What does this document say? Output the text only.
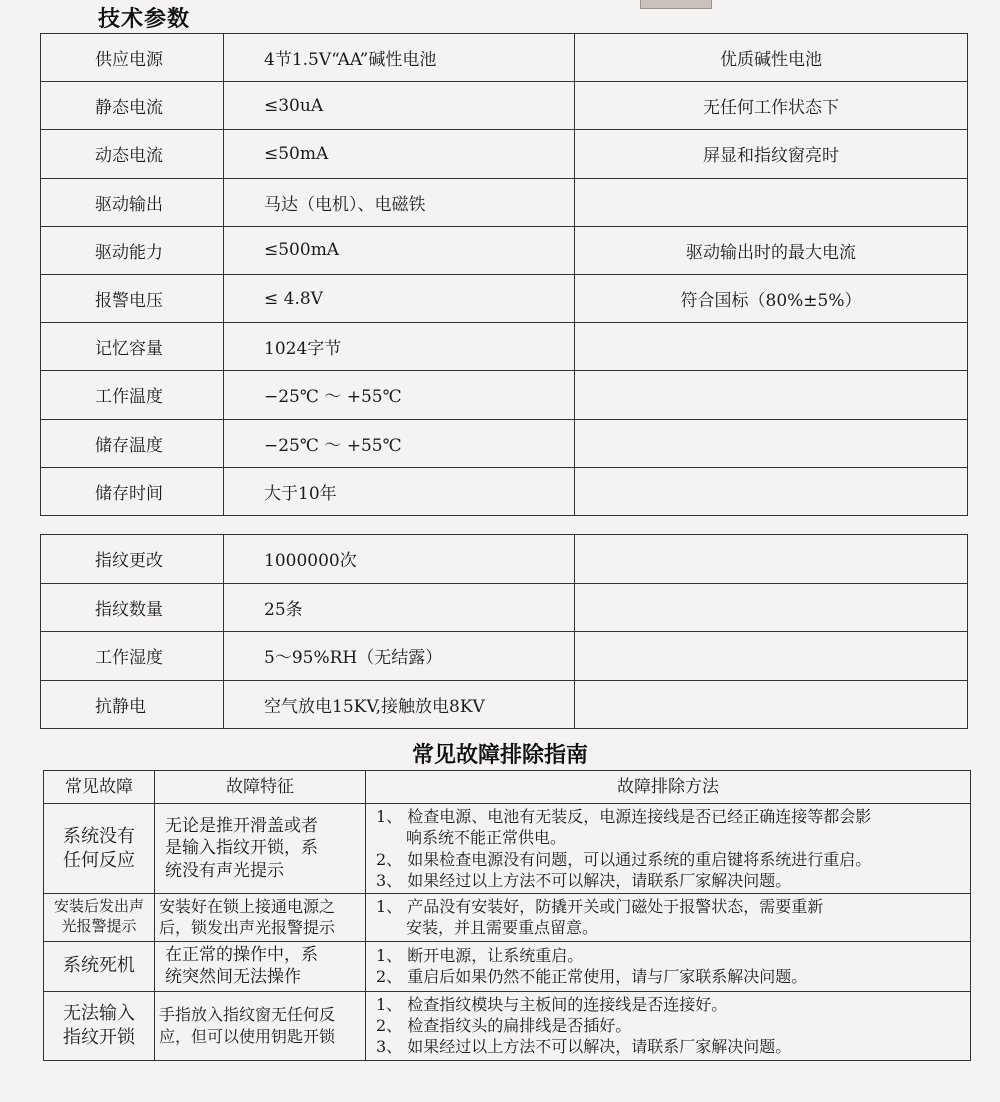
技术参数
供应电源	4节1.5V“AA”碱性电池	优质碱性电池
静态电流	≤30uA	无任何工作状态下
动态电流	≤50mA	屏显和指纹窗亮时
驱动输出	马达（电机）、电磁铁	
驱动能力	≤500mA	驱动输出时的最大电流
报警电压	≤ 4.8V	符合国标（80%±5%）
记忆容量	1024字节	
工作温度	−25℃ ～ +55℃	
储存温度	−25℃ ～ +55℃	
储存时间	大于10年	
指纹更改	1000000次	
指纹数量	25条	
工作湿度	5～95%RH（无结露）	
抗静电	空气放电15KV,接触放电8KV	
常见故障排除指南
常见故障	故障特征	故障排除方法

系统没有
任何反应	无论是推开滑盖或者
是输入指纹开锁，系
统没有声光提示	1、 检查电源、电池有无装反，电源连接线是否已经正确连接等都会影
响系统不能正常供电。
2、 如果检查电源没有问题，可以通过系统的重启键将系统进行重启。
3、 如果经过以上方法不可以解决，请联系厂家解决问题。

安装后发出声
光报警提示	安装好在锁上接通电源之
后，锁发出声光报警提示	1、 产品没有安装好，防撬开关或门磁处于报警状态，需要重新
安装，并且需要重点留意。

系统死机	在正常的操作中，系
统突然间无法操作	1、 断开电源，让系统重启。
2、 重启后如果仍然不能正常使用，请与厂家联系解决问题。

无法输入
指纹开锁	手指放入指纹窗无任何反
应，但可以使用钥匙开锁	1、 检查指纹模块与主板间的连接线是否连接好。
2、 检查指纹头的扁排线是否插好。
3、 如果经过以上方法不可以解决，请联系厂家解决问题。
